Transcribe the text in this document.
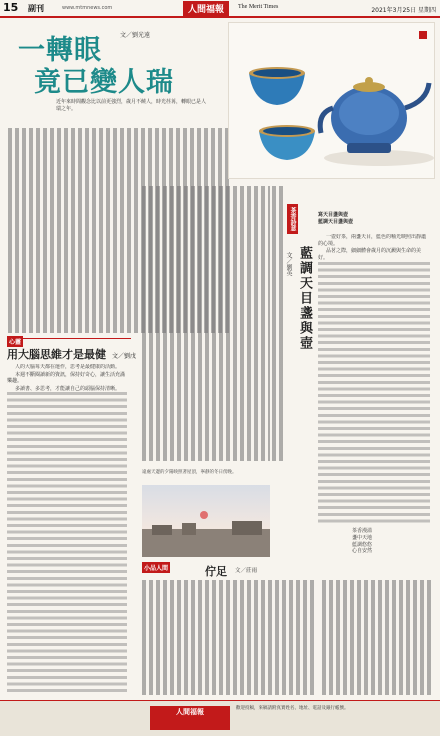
15 副刊	www.mtmnews.com	人間福報	The Merit Times	2021年3月25日 星期四
一轉眼
竟已變人瑞
文／劉光遠
近年來時間觀念比以前更強烈，歲月不饒人，時光荏苒，轉眼已是人瑞之年。
心靈
用大腦思維才是最健 文／劉戊

人的大腦每天都在運作，思考是最健康的活動。

本週不斷閱讀新的資訊，保持好奇心，讓生活充滿樂趣。

多讀書、多思考，才能讓自己的頭腦保持清晰。

茶香詩意
藍調天目盞與壺
文／劉英
寫天目盞與壺
藍調天目盞與壺

一壺好茶，兩盞天目，藍色的釉光映照出靜謐的心境。

品茗之際，細細體會歲月的沉澱與生命的美好。

茶香漫溢
盞中天地
藍調悠悠
心自安然
遠處天邊的夕陽映照著屋頂，寧靜的冬日傍晚。
小品人間	佇足 文／莊雨
人間福報	歡迎投稿，來稿請附真實姓名、地址、電話及銀行帳號。
